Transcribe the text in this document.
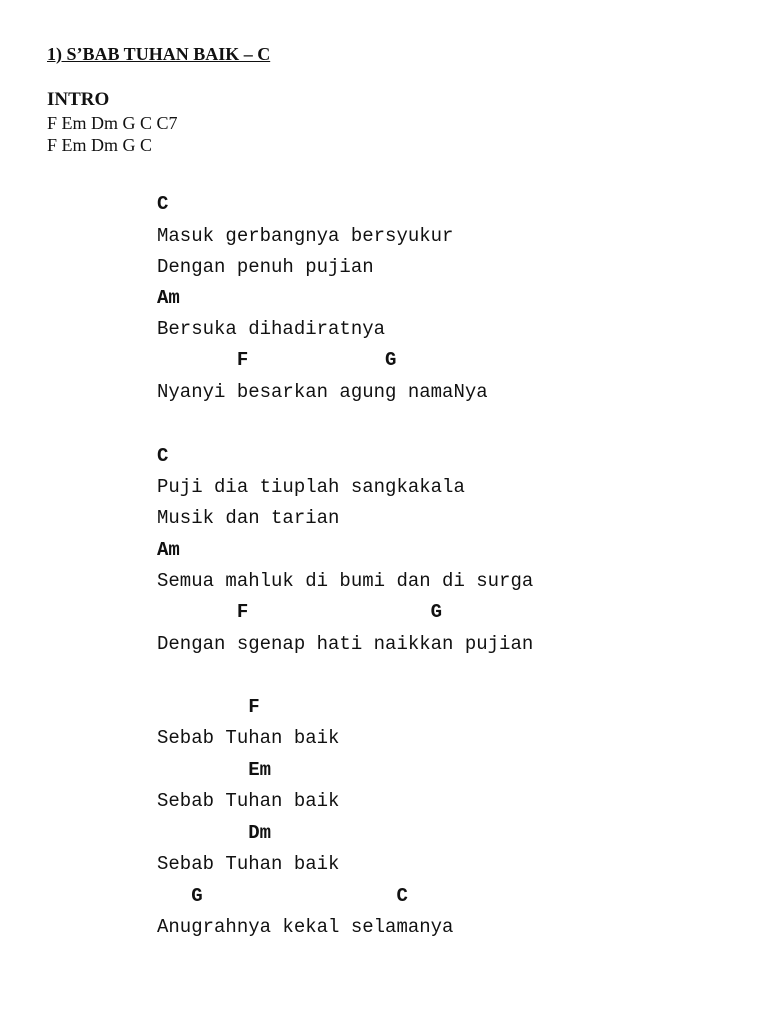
1) S’BAB TUHAN BAIK – C
INTRO
F Em Dm G C C7
F Em Dm G C
C
Masuk gerbangnya bersyukur
Dengan penuh pujian
Am
Bersuka dihadiratnya
F            G
Nyanyi besarkan agung namaNya
C
Puji dia tiuplah sangkakala
Musik dan tarian
Am
Semua mahluk di bumi dan di surga
F                G
Dengan sgenap hati naikkan pujian
F
Sebab Tuhan baik
Em
Sebab Tuhan baik
Dm
Sebab Tuhan baik
G                 C
Anugrahnya kekal selamanya
